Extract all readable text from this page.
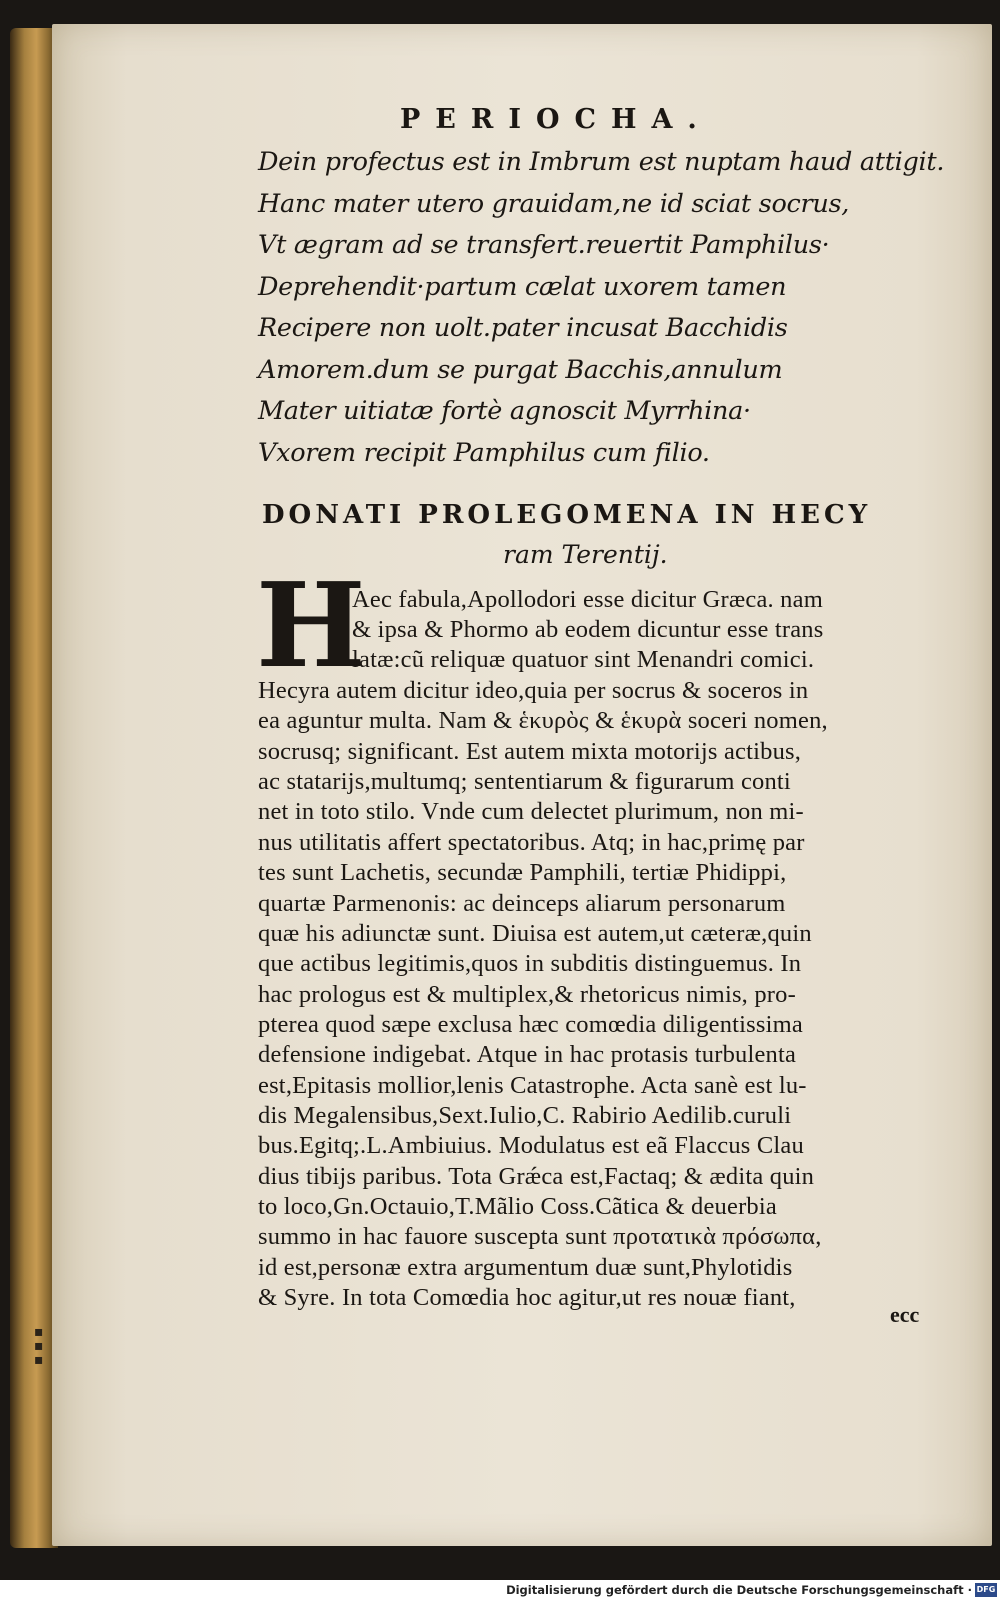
PERIOCHA.
Dein profectus est in Imbrum est nuptam haud attigit.
Hanc mater utero grauidam,ne id sciat socrus,
Vt ægram ad se transfert.reuertit Pamphilus·
Deprehendit·partum cælat uxorem tamen
Recipere non uolt.pater incusat Bacchidis
Amorem.dum se purgat Bacchis,annulum
Mater uitiatæ fortè agnoscit Myrrhina·
Vxorem recipit Pamphilus cum filio.
DONATI PROLEGOMENA IN HECY
ram Terentij.
H
Aec fabula,Apollodori esse dicitur Græca. nam
& ipsa & Phormo ab eodem dicuntur esse trans
latæ:cũ reliquæ quatuor sint Menandri comici.
Hecyra autem dicitur ideo,quia per socrus & soceros in
ea aguntur multa. Nam & ἑκυρὸς & ἑκυρὰ soceri nomen,
socrusq; significant. Est autem mixta motorijs actibus,
ac statarijs,multumq; sententiarum & figurarum conti
net in toto stilo. Vnde cum delectet plurimum, non mi-
nus utilitatis affert spectatoribus. Atq; in hac,primę par
tes sunt Lachetis, secundæ Pamphili, tertiæ Phidippi,
quartæ Parmenonis: ac deinceps aliarum personarum
quæ his adiunctæ sunt. Diuisa est autem,ut cæteræ,quin
que actibus legitimis,quos in subditis distinguemus. In
hac prologus est & multiplex,& rhetoricus nimis, pro-
pterea quod sæpe exclusa hæc comœdia diligentissima
defensione indigebat. Atque in hac protasis turbulenta
est,Epitasis mollior,lenis Catastrophe. Acta sanè est lu-
dis Megalensibus,Sext.Iulio,C. Rabirio Aedilib.curuli
bus.Egitq;.L.Ambiuius. Modulatus est eã Flaccus Clau
dius tibijs paribus. Tota Grǽca est,Factaq; & ædita quin
to loco,Gn.Octauio,T.Mãlio Coss.Cãtica & deuerbia
summo in hac fauore suscepta sunt προτατικὰ πρόσωπα,
id est,personæ extra argumentum duæ sunt,Phylotidis
& Syre. In tota Comœdia hoc agitur,ut res nouæ fiant,
ecc
▪
▪
▪
Digitalisierung gefördert durch die Deutsche Forschungsgemeinschaft · DFG
